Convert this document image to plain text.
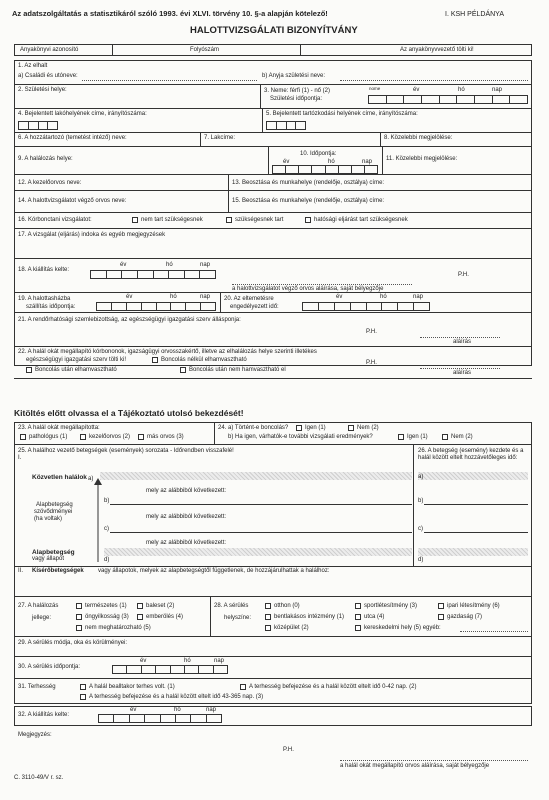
Az adatszolgáltatás a statisztikáról szóló 1993. évi XLVI. törvény 10. §-a alapján kötelező!	I. KSH PÉLDÁNYA
HALOTTVIZSGÁLATI BIZONYÍTVÁNY
Anyakönyvi azonosító	Folyószám	Az anyakönyvvezető tölti ki!
1. Az elhalt
a) Családi és utóneve:	b) Anyja születési neve:
2. Születési helye:	3. Neme: férfi (1) - nő (2)
Születési időpontja:
nome	év	hó	nap
4. Bejelentett lakóhelyének címe, irányítószáma:	5. Bejelentett tartózkodási helyének címe, irányítószáma:
6. A hozzátartozó (temetést intéző) neve:	7. Lakcíme:	8. Közelebbi megjelölése:
9. A halálozás helye:
10. Időpontja:
év	hó	nap 11. Közelebbi megjelölése:
12. A kezelőorvos neve:	13. Beosztása és munkahelye (rendelője, osztálya) címe:
14. A halottvizsgálatot végző orvos neve:	15. Beosztása és munkahelye (rendelője, osztálya) címe:
16. Kórbonctani vizsgálatot:	nem tart szükségesnek	szükségesnek tart	hatósági eljárást tart szükségesnek
17. A vizsgálat (eljárás) indoka és egyéb megjegyzések
18. A kiállítás kelte:
év	hó	nap
P.H.
a halottvizsgálatot végző orvos aláírása, saját bélyegzője
19. A halottasházba
szállítás időpontja:
év	hó	nap 20. Az eltemetésre
engedélyezett idő:
év	hó	nap
21. A rendőrhatósági szemlebizottság, az egészségügyi igazgatási szerv állásponja:
P.H.
aláírás
22. A halál okát megállapító kórbononok, igazságügyi orvosszakértő, illetve az elhalálozás helye szerinti illetékes
egészségügyi igazgatási szerv tölti ki!	Boncolás nélkül elhamvasztható	P.H.
Boncolás után elhamvasztható	Boncolás után nem hamvasztható el	aláírás
Kitöltés előtt olvassa el a Tájékoztató utolsó bekezdését!
23. A halál okát megállapította:
pathológus (1)	kezelőorvos (2)	más orvos (3)
24. a) Történt-e boncolás?	Igen (1)	Nem (2)
b) Ha igen, várhatók-e további vizsgálati eredmények?	Igen (1)	Nem (2)
25. A halálhoz vezető betegségek (események) sorozata - Időrendben visszafelé!
I.
26. A betegség (esemény) kezdete és a halál között eltelt hozzávetőleges idő:
Közvetlen halálok a)	a)
mely az alábbiból következett:
Alapbetegség
szövődményei
(ha voltak)
b)	b)
mely az alábbiból következett:
c)	c)
mely az alábbiból következett:
Alapbetegség
vagy állapot	d)	d)
II. Kísérőbetegségek vagy állapotok, melyek az alapbetegségtől függetlenek, de hozzájárulhattak a halálhoz:
27. A halálozás
jellege:
természetes (1)	baleset (2)
öngyilkosság (3)	emberölés (4)
nem meghatározható (5)
28. A sérülés
helyszíne:
otthon (0)	sportlétesítmény (3)	ipari létesítmény (6)
bentlakásos intézmény (1)	utca (4)	gazdaság (7)
középület (2)	kereskedelmi hely (5) egyéb:
29. A sérülés módja, oka és körülményei:
30. A sérülés időpontja:
év	hó	nap
31. Terhesség	A halál bealltakor terhes volt. (1)	A terhesség befejezése és a halál között eltelt idő 0-42 nap. (2)
A terhesség befejezése és a halál között eltelt idő 43-365 nap. (3)
32. A kiállítás kelte:
év	hó	nap
Megjegyzés:
P.H.
a halál okát megállapító orvos aláírása, saját bélyegzője
C. 3110-49/V r. sz.
